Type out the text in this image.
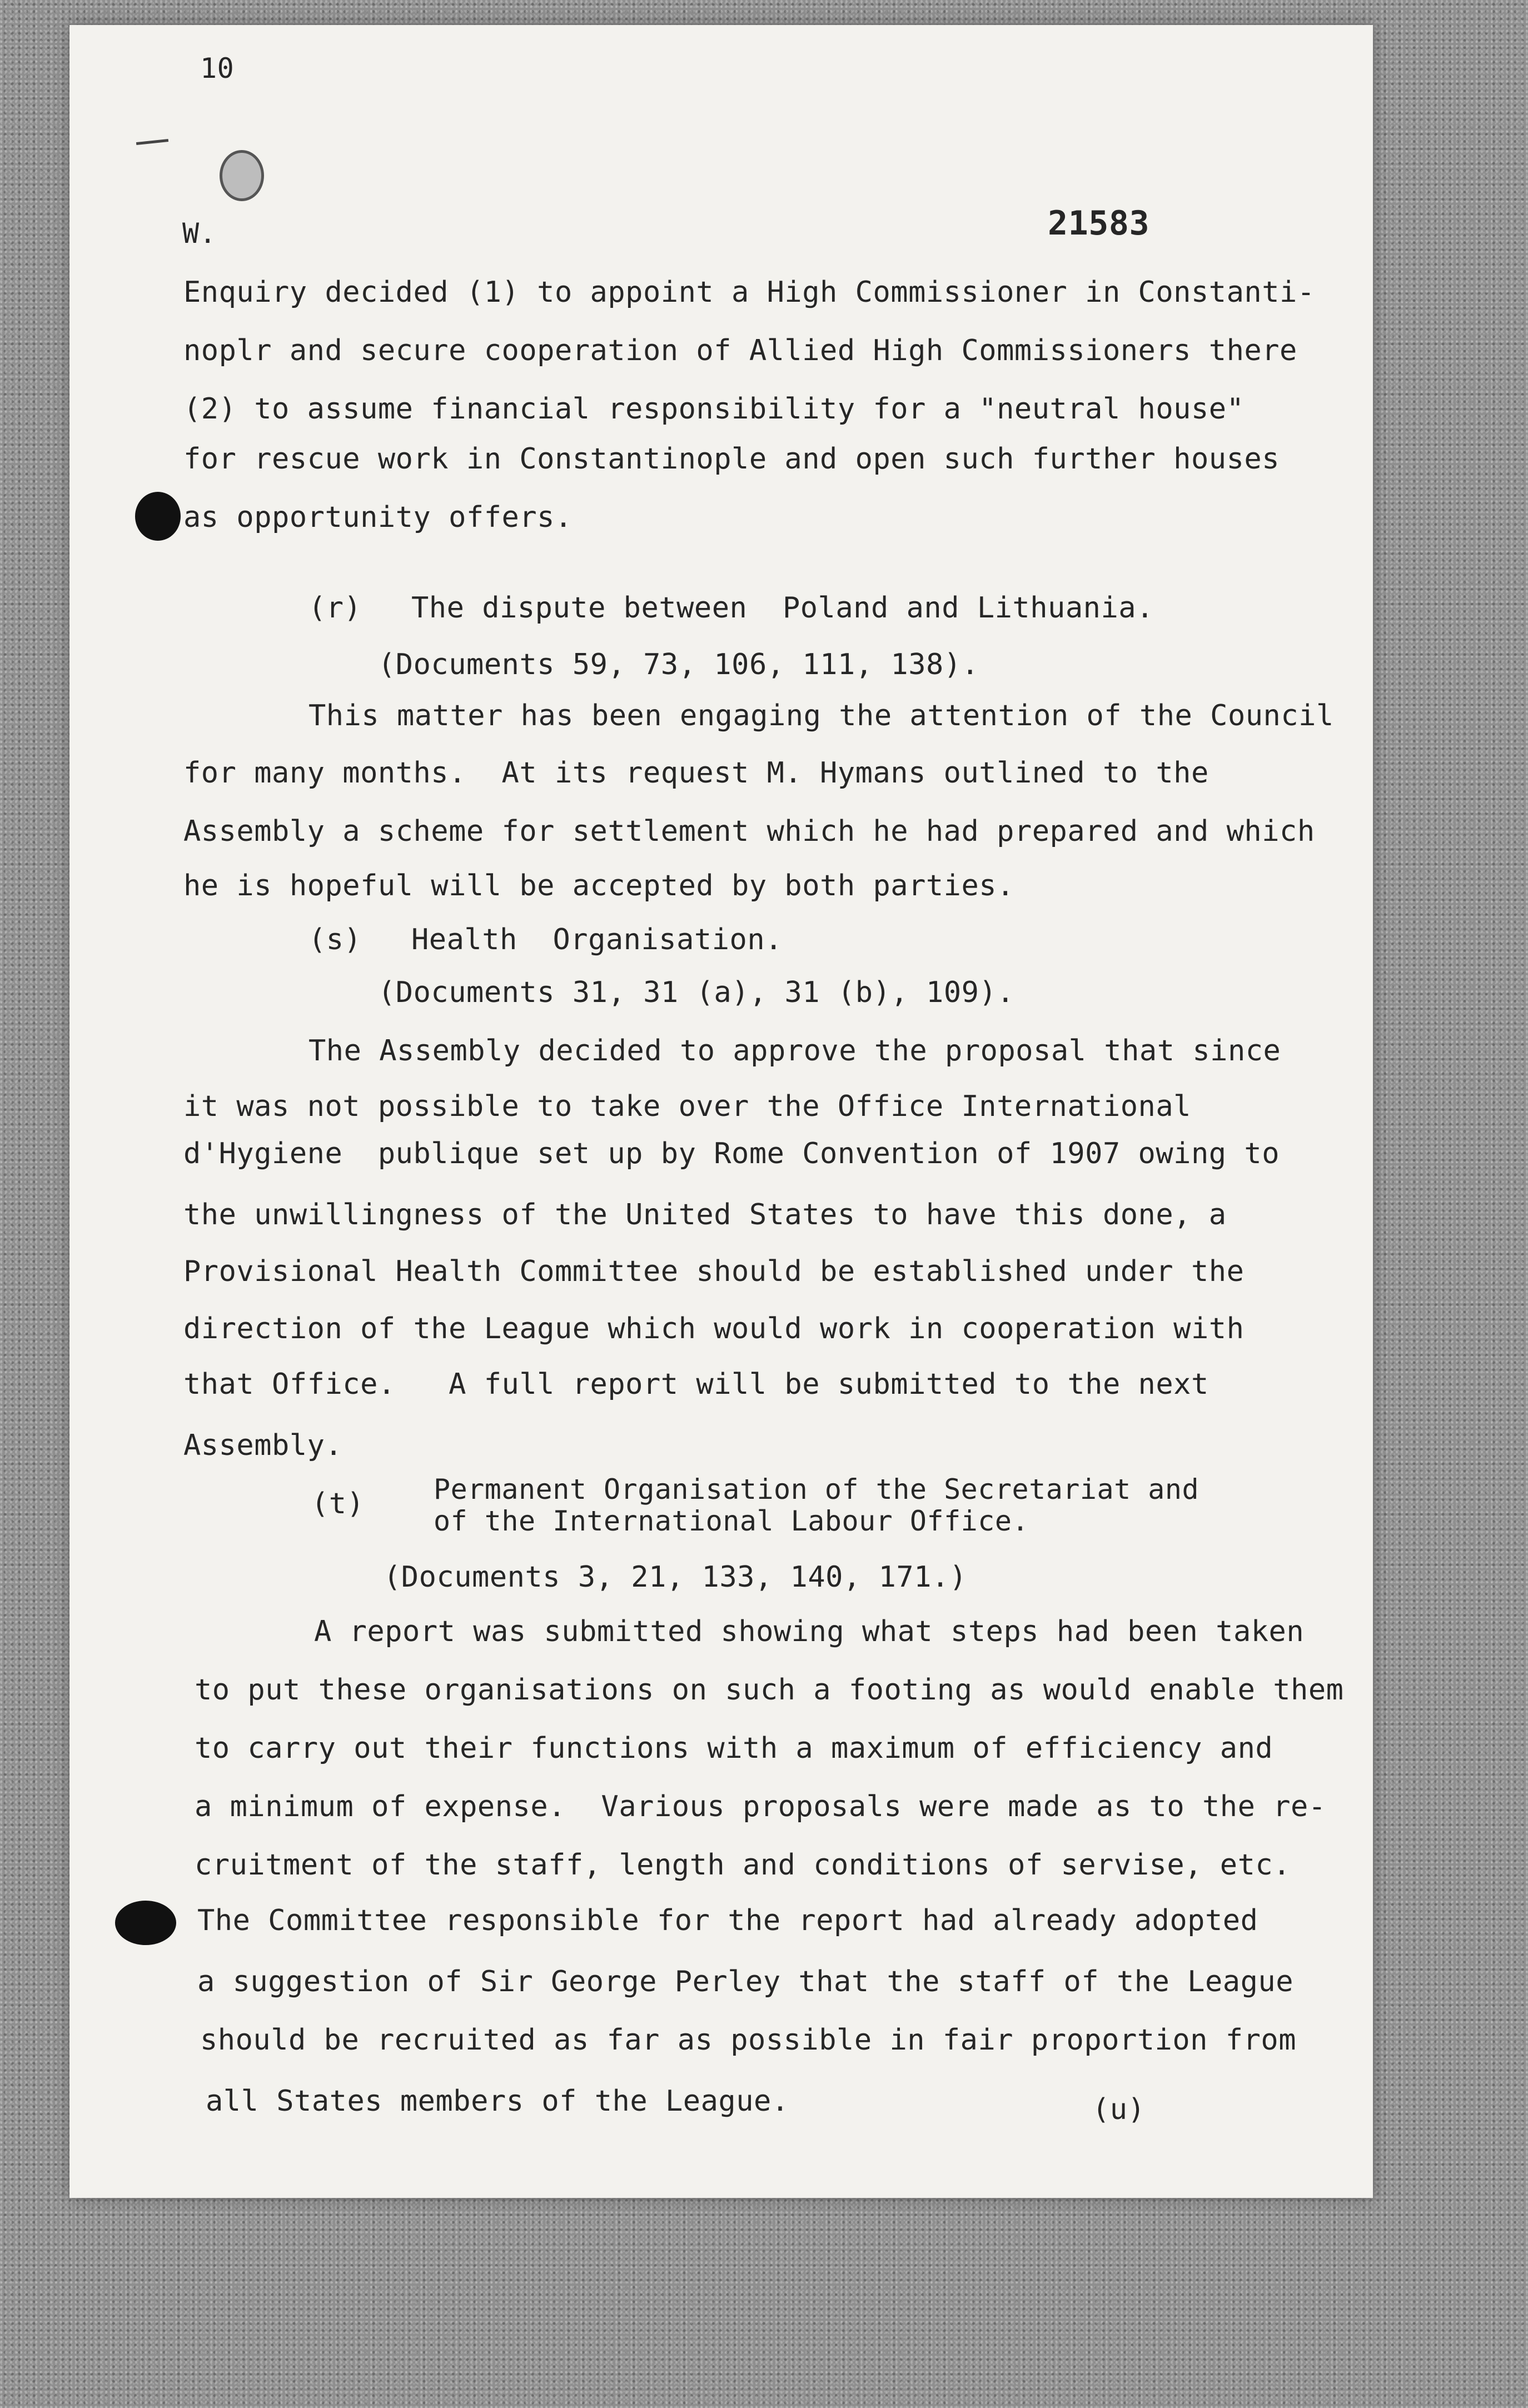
10
W.	21583
Enquiry decided (1) to appoint a High Commissioner in Constanti-
noplr and secure cooperation of Allied High Commissioners there
(2) to assume financial responsibility for a "neutral house"
for rescue work in Constantinople and open such further houses
as opportunity offers.
(r) The dispute between  Poland and Lithuania.
(Documents 59, 73, 106, 111, 138).
This matter has been engaging the attention of the Council
for many months.  At its request M. Hymans outlined to the
Assembly a scheme for settlement which he had prepared and which
he is hopeful will be accepted by both parties.
(s) Health  Organisation.
(Documents 31, 31 (a), 31 (b), 109).
The Assembly decided to approve the proposal that since
it was not possible to take over the Office International
d'Hygiene  publique set up by Rome Convention of 1907 owing to
the unwillingness of the United States to have this done, a
Provisional Health Committee should be established under the
direction of the League which would work in cooperation with
that Office.   A full report will be submitted to the next
Assembly.
(t) Permanent Organisation of the Secretariat and
of the International Labour Office.
(Documents 3, 21, 133, 140, 171.)
A report was submitted showing what steps had been taken
to put these organisations on such a footing as would enable them
to carry out their functions with a maximum of efficiency and
a minimum of expense.  Various proposals were made as to the re-
cruitment of the staff, length and conditions of servise, etc.
The Committee responsible for the report had already adopted
a suggestion of Sir George Perley that the staff of the League
should be recruited as far as possible in fair proportion from
all States members of the League.	(u)
